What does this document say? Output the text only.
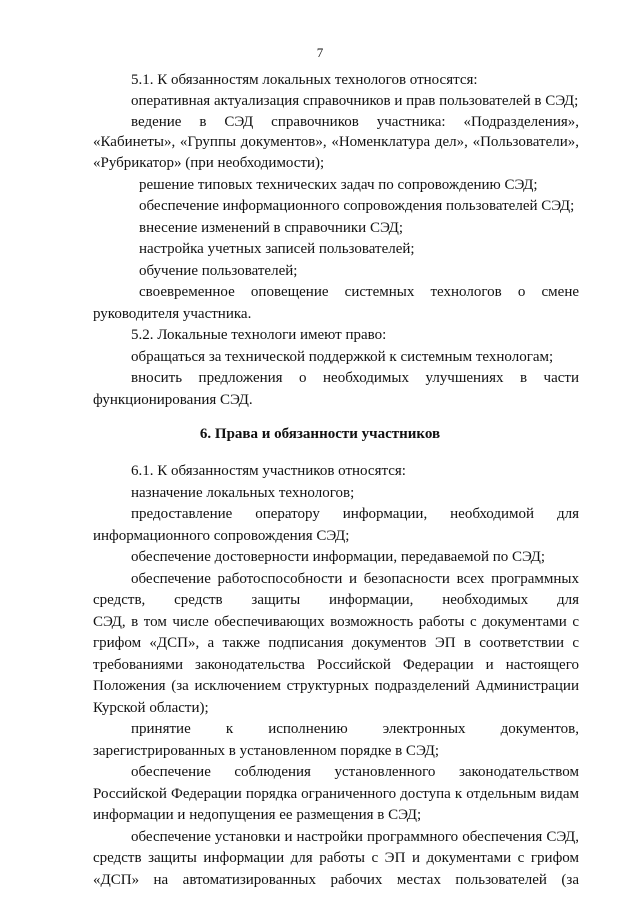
7
5.1. К обязанностям локальных технологов относятся:
оперативная актуализация справочников и прав пользователей в СЭД;
ведение в СЭД справочников участника: «Подразделения»,
«Кабинеты», «Группы документов», «Номенклатура дел», «Пользователи»,
«Рубрикатор» (при необходимости);
решение типовых технических задач по сопровождению СЭД;
обеспечение информационного сопровождения пользователей СЭД;
внесение изменений в справочники СЭД;
настройка учетных записей пользователей;
обучение пользователей;
своевременное оповещение системных технологов о смене
руководителя участника.
5.2. Локальные технологи имеют право:
обращаться за технической поддержкой к системным технологам;
вносить предложения о необходимых улучшениях в части
функционирования СЭД.
6. Права и обязанности участников
6.1. К обязанностям участников относятся:
назначение локальных технологов;
предоставление оператору информации, необходимой для
информационного сопровождения СЭД;
обеспечение достоверности информации, передаваемой по СЭД;
обеспечение работоспособности и безопасности всех программных
средств, средств защиты информации, необходимых для
СЭД, в том числе обеспечивающих возможность работы с документами с
грифом «ДСП», а также подписания документов ЭП в соответствии с
требованиями законодательства Российской Федерации и настоящего
Положения (за исключением структурных подразделений Администрации
Курской области);
принятие к исполнению электронных документов,
зарегистрированных в установленном порядке в СЭД;
обеспечение соблюдения установленного законодательством
Российской Федерации порядка ограниченного доступа к отдельным видам
информации и недопущения ее размещения в СЭД;
обеспечение установки и настройки программного обеспечения СЭД,
средств защиты информации для работы с ЭП и документами с грифом
«ДСП» на автоматизированных рабочих местах пользователей (за
